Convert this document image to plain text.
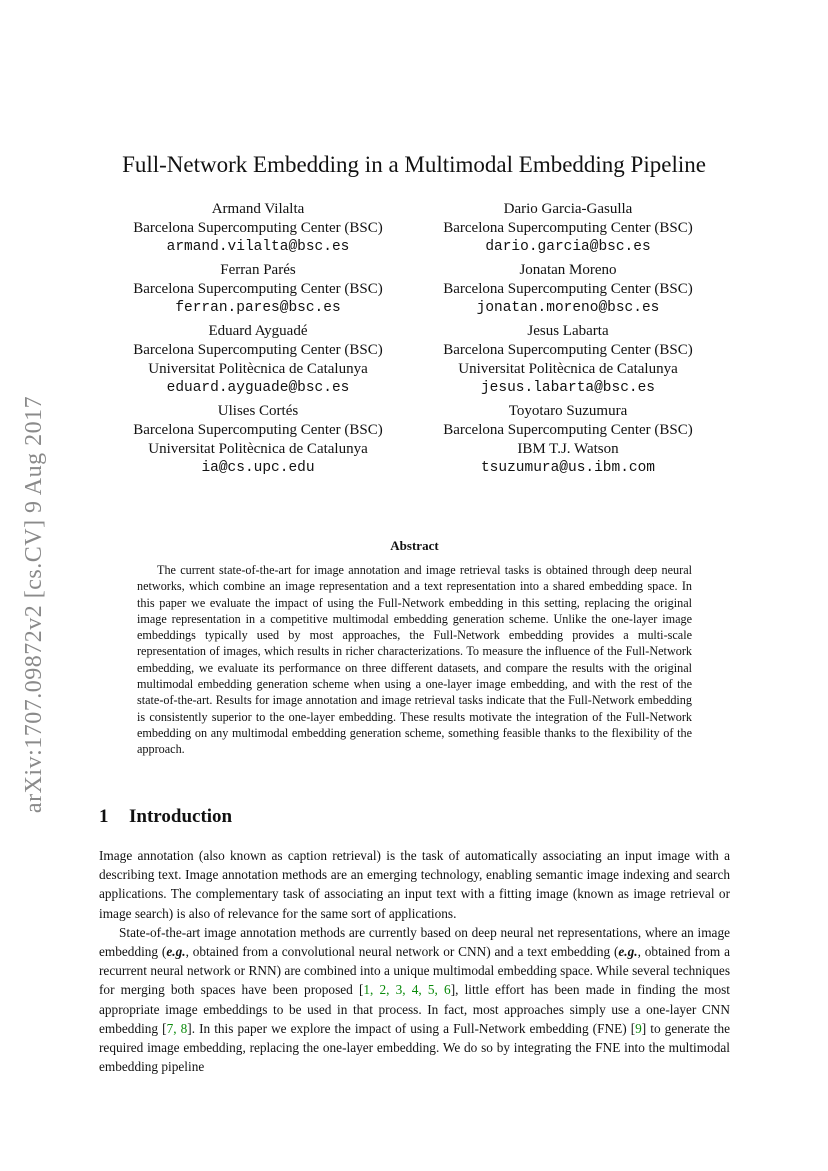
arXiv:1707.09872v2 [cs.CV] 9 Aug 2017
Full-Network Embedding in a Multimodal Embedding Pipeline
Armand Vilalta
Barcelona Supercomputing Center (BSC)
armand.vilalta@bsc.es
Dario Garcia-Gasulla
Barcelona Supercomputing Center (BSC)
dario.garcia@bsc.es
Ferran Parés
Barcelona Supercomputing Center (BSC)
ferran.pares@bsc.es
Jonatan Moreno
Barcelona Supercomputing Center (BSC)
jonatan.moreno@bsc.es
Eduard Ayguadé
Barcelona Supercomputing Center (BSC)
Universitat Politècnica de Catalunya
eduard.ayguade@bsc.es
Jesus Labarta
Barcelona Supercomputing Center (BSC)
Universitat Politècnica de Catalunya
jesus.labarta@bsc.es
Ulises Cortés
Barcelona Supercomputing Center (BSC)
Universitat Politècnica de Catalunya
ia@cs.upc.edu
Toyotaro Suzumura
Barcelona Supercomputing Center (BSC)
IBM T.J. Watson
tsuzumura@us.ibm.com
Abstract

The current state-of-the-art for image annotation and image retrieval tasks is obtained through deep neural networks, which combine an image representation and a text representation into a shared embedding space. In this paper we evaluate the impact of using the Full-Network embedding in this setting, replacing the original image representation in a competitive multimodal embedding generation scheme. Unlike the one-layer image embeddings typically used by most approaches, the Full-Network embedding provides a multi-scale representation of images, which results in richer characterizations. To measure the influence of the Full-Network embedding, we evaluate its performance on three different datasets, and compare the results with the original multimodal embedding generation scheme when using a one-layer image embedding, and with the rest of the state-of-the-art. Results for image annotation and image retrieval tasks indicate that the Full-Network embedding is consistently superior to the one-layer embedding. These results motivate the integration of the Full-Network embedding on any multimodal embedding generation scheme, something feasible thanks to the flexibility of the approach.

1 Introduction

Image annotation (also known as caption retrieval) is the task of automatically associating an input image with a describing text. Image annotation methods are an emerging technology, enabling semantic image indexing and search applications. The complementary task of associating an input text with a fitting image (known as image retrieval or image search) is also of relevance for the same sort of applications.

State-of-the-art image annotation methods are currently based on deep neural net representations, where an image embedding (e.g., obtained from a convolutional neural network or CNN) and a text embedding (e.g., obtained from a recurrent neural network or RNN) are combined into a unique multimodal embedding space. While several techniques for merging both spaces have been proposed [1, 2, 3, 4, 5, 6], little effort has been made in finding the most appropriate image embeddings to be used in that process. In fact, most approaches simply use a one-layer CNN embedding [7, 8]. In this paper we explore the impact of using a Full-Network embedding (FNE) [9] to generate the required image embedding, replacing the one-layer embedding. We do so by integrating the FNE into the multimodal embedding pipeline
